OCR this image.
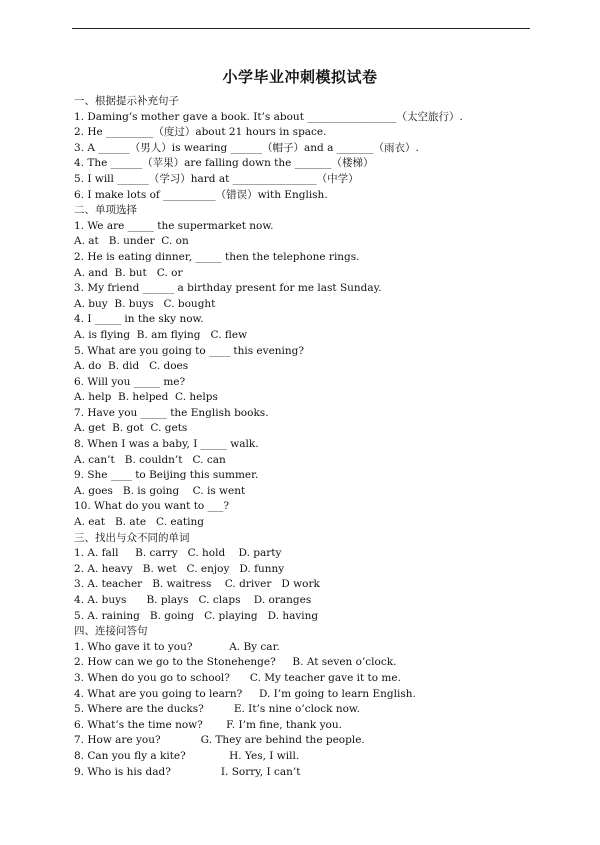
小学毕业冲刺模拟试卷
一、根据提示补充句子
1. Daming’s mother gave a book. It’s about _________________（太空旅行）.
2. He _________（度过）about 21 hours in space.
3. A ______（男人）is wearing ______（帽子）and a _______（雨衣）.
4. The ______（苹果）are falling down the _______（楼梯）
5. I will ______（学习）hard at ________________（中学）
6. I make lots of __________（错误）with English.
二、单项选择
1. We are _____ the supermarket now.
A. at   B. under  C. on
2. He is eating dinner, _____ then the telephone rings.
A. and  B. but   C. or
3. My friend ______ a birthday present for me last Sunday.
A. buy  B. buys   C. bought
4. I _____ in the sky now.
A. is flying  B. am flying   C. flew
5. What are you going to ____ this evening?
A. do  B. did   C. does
6. Will you _____ me?
A. help  B. helped  C. helps
7. Have you _____ the English books.
A. get  B. got  C. gets
8. When I was a baby, I _____ walk.
A. can’t   B. couldn’t   C. can
9. She ____ to Beijing this summer.
A. goes   B. is going    C. is went
10. What do you want to ___?
A. eat   B. ate   C. eating
三、找出与众不同的单词
1. A. fall     B. carry   C. hold    D. party
2. A. heavy   B. wet   C. enjoy   D. funny
3. A. teacher   B. waitress    C. driver   D work
4. A. buys      B. plays   C. claps    D. oranges
5. A. raining   B. going   C. playing   D. having
四、连接问答句
1. Who gave it to you?           A. By car.
2. How can we go to the Stonehenge?     B. At seven o’clock.
3. When do you go to school?      C. My teacher gave it to me.
4. What are you going to learn?     D. I’m going to learn English.
5. Where are the ducks?         E. It’s nine o’clock now.
6. What’s the time now?       F. I’m fine, thank you.
7. How are you?            G. They are behind the people.
8. Can you fly a kite?             H. Yes, I will.
9. Who is his dad?               I. Sorry, I can’t
